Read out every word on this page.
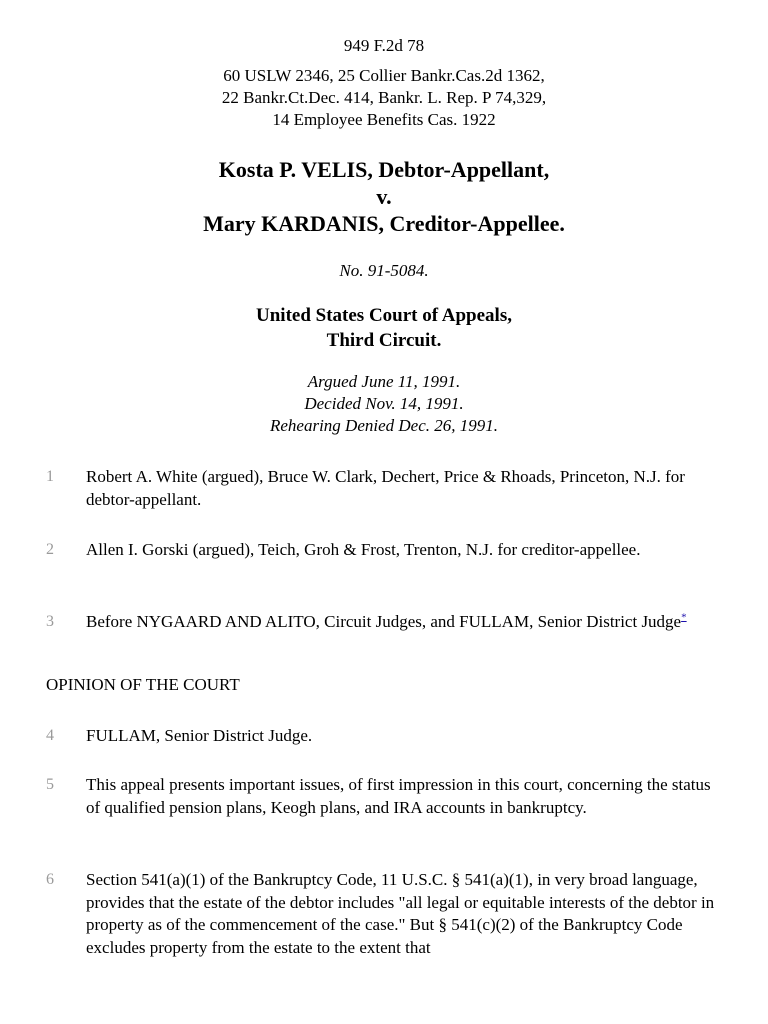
949 F.2d 78
60 USLW 2346, 25 Collier Bankr.Cas.2d 1362,
22 Bankr.Ct.Dec. 414, Bankr. L. Rep. P 74,329,
14 Employee Benefits Cas. 1922
Kosta P. VELIS, Debtor-Appellant,
v.
Mary KARDANIS, Creditor-Appellee.
No. 91-5084.
United States Court of Appeals,
Third Circuit.
Argued June 11, 1991.
Decided Nov. 14, 1991.
Rehearing Denied Dec. 26, 1991.
1 Robert A. White (argued), Bruce W. Clark, Dechert, Price & Rhoads, Princeton, N.J. for debtor-appellant.
2 Allen I. Gorski (argued), Teich, Groh & Frost, Trenton, N.J. for creditor-appellee.
3 Before NYGAARD AND ALITO, Circuit Judges, and FULLAM, Senior District Judge*
OPINION OF THE COURT
4 FULLAM, Senior District Judge.
5 This appeal presents important issues, of first impression in this court, concerning the status of qualified pension plans, Keogh plans, and IRA accounts in bankruptcy.
6 Section 541(a)(1) of the Bankruptcy Code, 11 U.S.C. § 541(a)(1), in very broad language, provides that the estate of the debtor includes "all legal or equitable interests of the debtor in property as of the commencement of the case." But § 541(c)(2) of the Bankruptcy Code excludes property from the estate to the extent that
